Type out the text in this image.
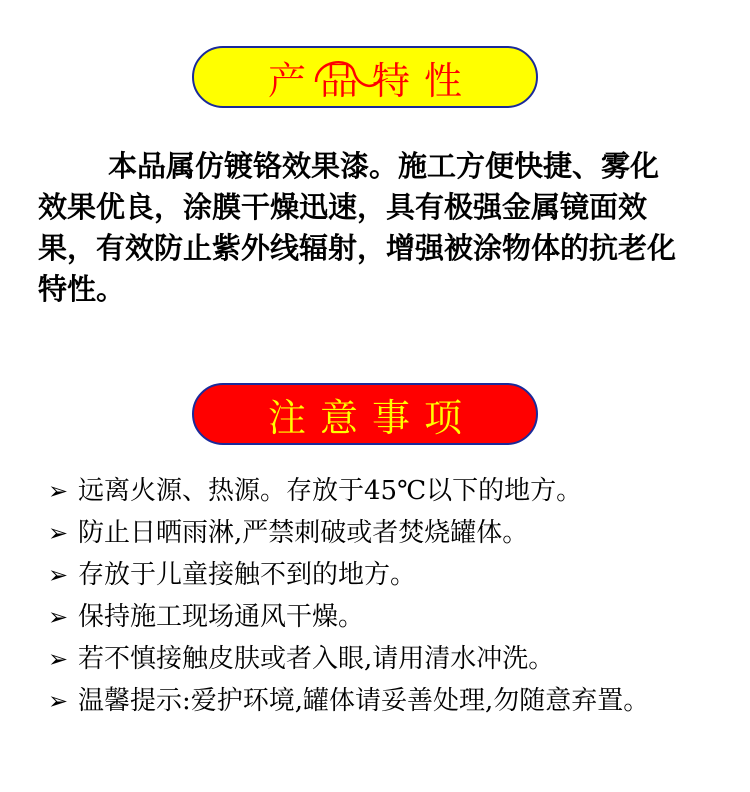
产品特性
本品属仿镀铬效果漆。施工方便快捷、雾化效果优良，涂膜干燥迅速，具有极强金属镜面效果，有效防止紫外线辐射，增强被涂物体的抗老化特性。
注意事项
➢ 远离火源、热源。存放于45℃以下的地方。
➢ 防止日晒雨淋,严禁刺破或者焚烧罐体。
➢ 存放于儿童接触不到的地方。
➢ 保持施工现场通风干燥。
➢ 若不慎接触皮肤或者入眼,请用清水冲洗。
➢ 温馨提示:爱护环境,罐体请妥善处理,勿随意弃置。
